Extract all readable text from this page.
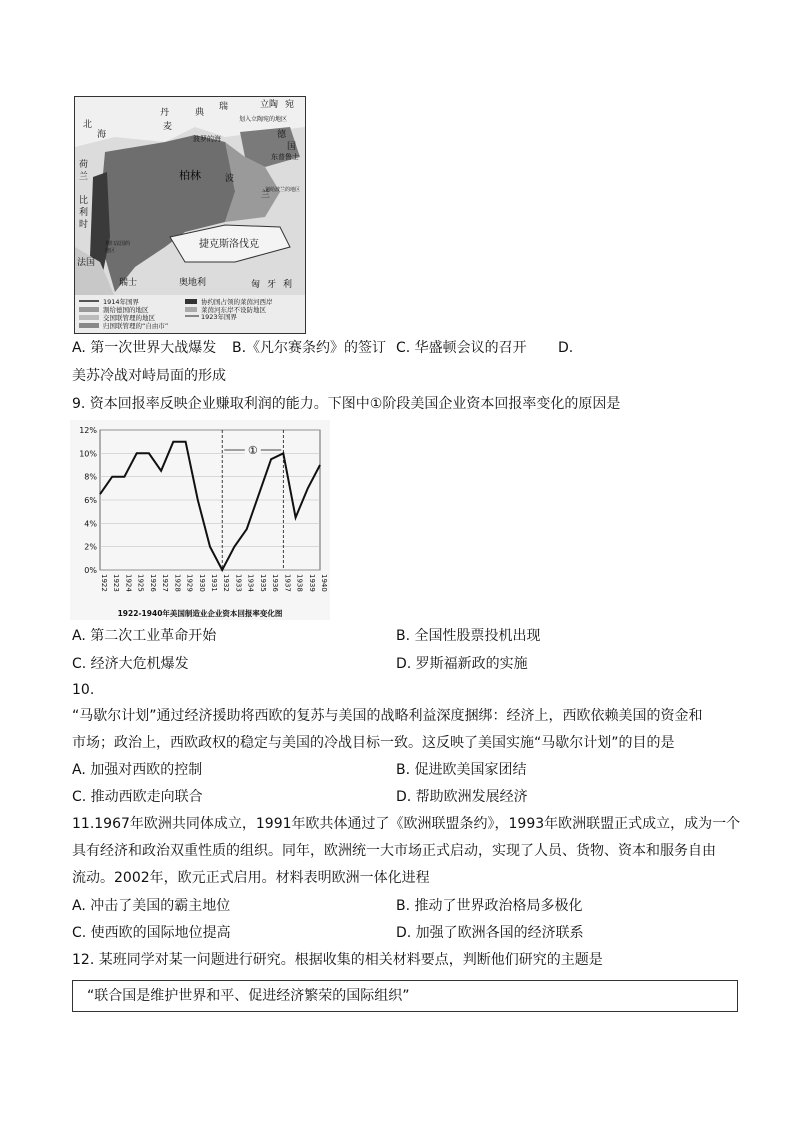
瑞
典
北
海
丹
麦
立陶 宛
划入立陶宛的地区
波罗的海	德
国
东普鲁士
柏林	波
兰
荷
兰
比
利
时
法国
捷克斯洛伐克
奥地利	匈 牙 利
瑞士
划给波兰的地区
划归法国的
地区
1914年国界	协约国占领的莱茵河西岸
割给德国的地区	莱茵河东岸不设防地区
交国联管理的地区	1923年国界
归国联管理的“自由市”
A. 第一次世界大战爆发 B.《凡尔赛条约》的签订 C. 华盛顿会议的召开 D.
美苏冷战对峙局面的形成
9. 资本回报率反映企业赚取利润的能力。下图中①阶段美国企业资本回报率变化的原因是
0%
2%
4%
6%
8%
10%
12%
1922 1923 1924 1925 1926 1927 1928 1929 1930 1931 1932 1933 1934 1935 1936 1937 1938 1939 1940
①
1922-1940年美国制造业企业资本回报率变化图
A. 第二次工业革命开始	B. 全国性股票投机出现
C. 经济大危机爆发	D. 罗斯福新政的实施
10.
“马歇尔计划”通过经济援助将西欧的复苏与美国的战略利益深度捆绑：经济上，西欧依赖美国的资金和
市场；政治上，西欧政权的稳定与美国的冷战目标一致。这反映了美国实施“马歇尔计划”的目的是
A. 加强对西欧的控制	B. 促进欧美国家团结
C. 推动西欧走向联合	D. 帮助欧洲发展经济
11.1967年欧洲共同体成立，1991年欧共体通过了《欧洲联盟条约》，1993年欧洲联盟正式成立，成为一个
具有经济和政治双重性质的组织。同年，欧洲统一大市场正式启动，实现了人员、货物、资本和服务自由
流动。2002年，欧元正式启用。材料表明欧洲一体化进程
A. 冲击了美国的霸主地位	B. 推动了世界政治格局多极化
C. 使西欧的国际地位提高	D. 加强了欧洲各国的经济联系
12. 某班同学对某一问题进行研究。根据收集的相关材料要点，判断他们研究的主题是
“联合国是维护世界和平、促进经济繁荣的国际组织”
